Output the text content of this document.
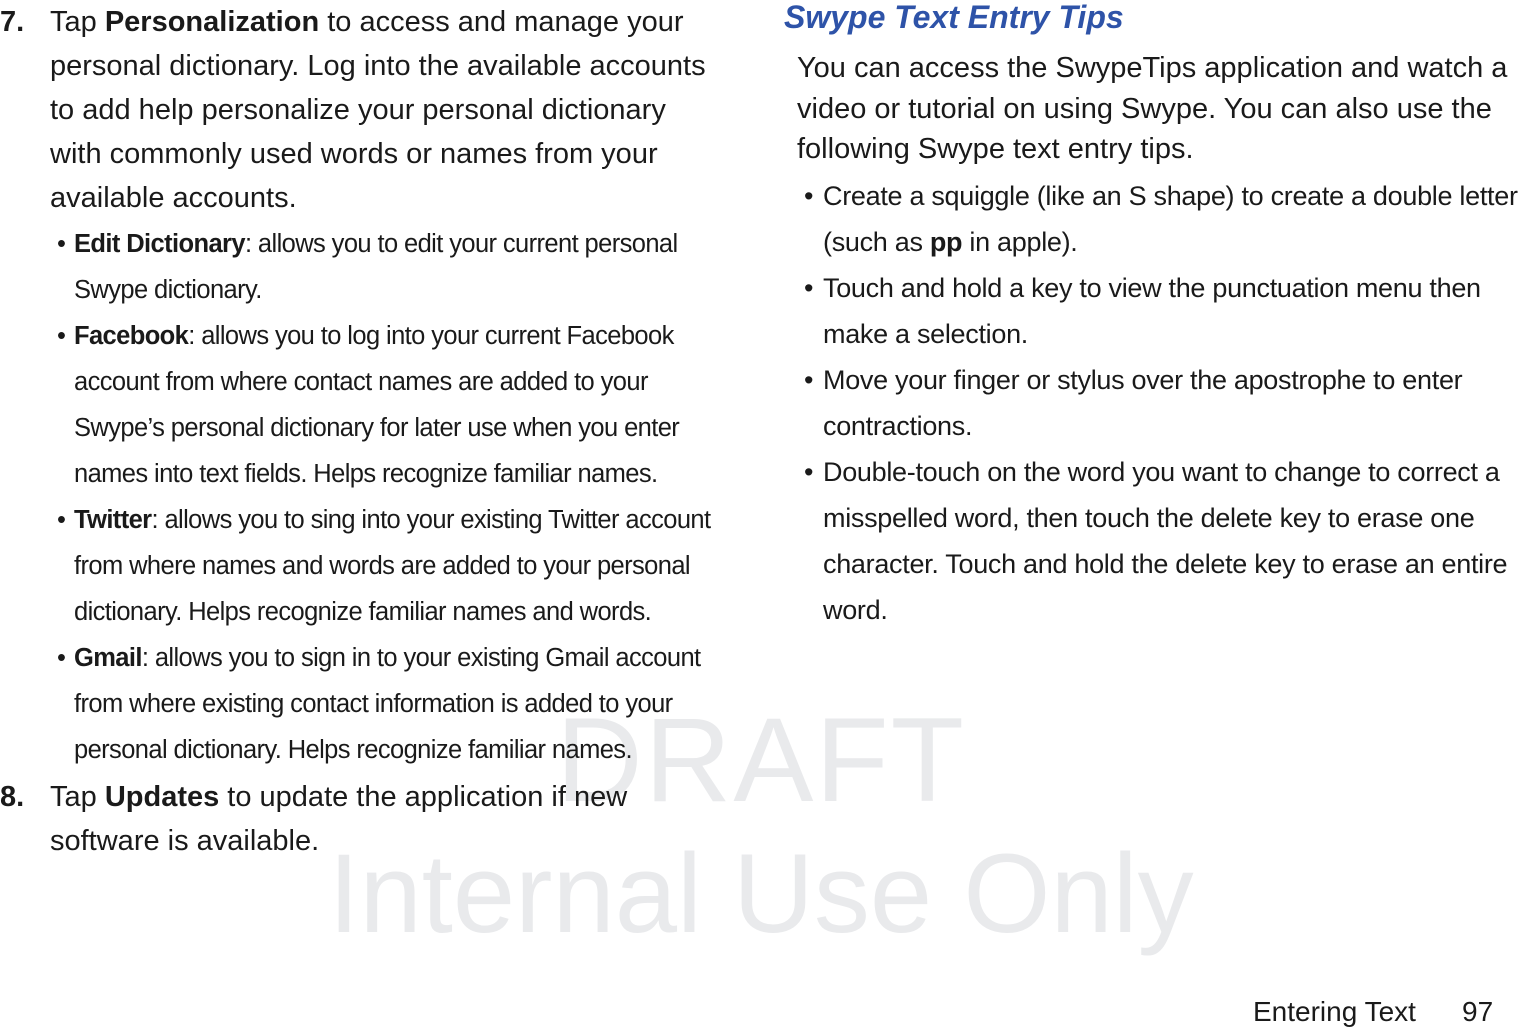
DRAFT
Internal Use Only
7. Tap Personalization to access and manage your personal dictionary. Log into the available accounts to add help personalize your personal dictionary with commonly used words or names from your available accounts.
• Edit Dictionary: allows you to edit your current personal Swype dictionary.
• Facebook: allows you to log into your current Facebook account from where contact names are added to your Swype’s personal dictionary for later use when you enter names into text fields. Helps recognize familiar names.
• Twitter: allows you to sing into your existing Twitter account from where names and words are added to your personal dictionary. Helps recognize familiar names and words.
• Gmail: allows you to sign in to your existing Gmail account from where existing contact information is added to your personal dictionary. Helps recognize familiar names.
8. Tap Updates to update the application if new software is available.
Swype Text Entry Tips
You can access the SwypeTips application and watch a video or tutorial on using Swype. You can also use the following Swype text entry tips.
• Create a squiggle (like an S shape) to create a double letter (such as pp in apple).
• Touch and hold a key to view the punctuation menu then make a selection.
• Move your finger or stylus over the apostrophe to enter contractions.
• Double-touch on the word you want to change to correct a misspelled word, then touch the delete key to erase one character. Touch and hold the delete key to erase an entire word.
Entering Text 97
